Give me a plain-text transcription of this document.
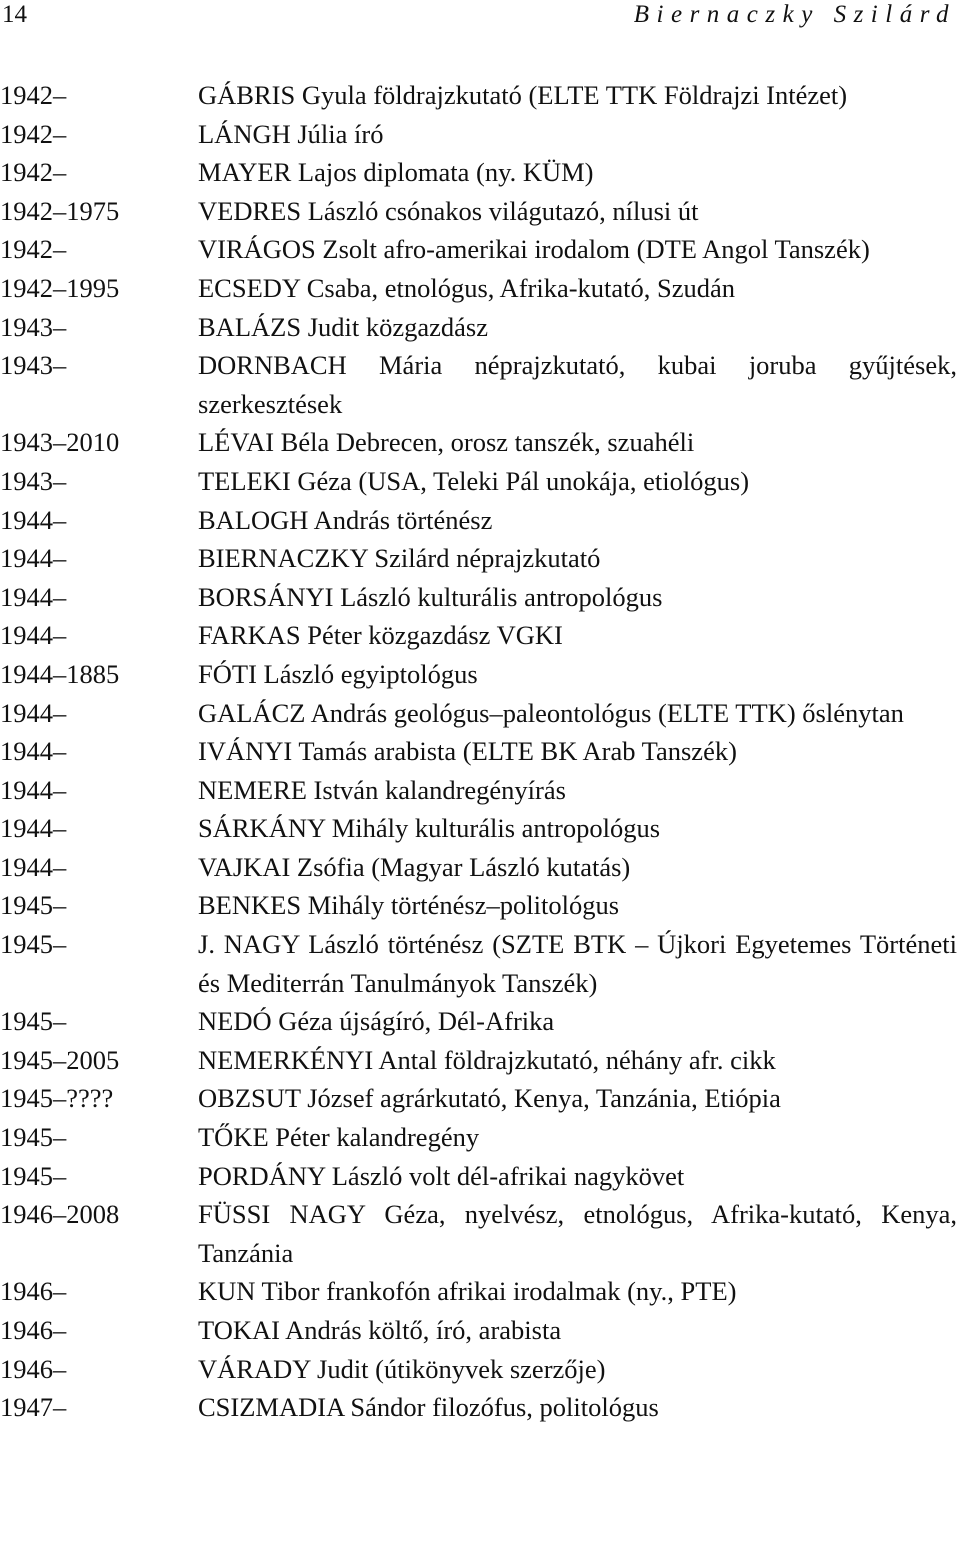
14	Biernaczky Szilárd
1942–	GÁBRIS Gyula földrajzkutató (ELTE TTK Földrajzi Intézet)
1942–	LÁNGH Júlia író
1942–	MAYER Lajos diplomata (ny. KÜM)
1942–1975	VEDRES László csónakos világutazó, nílusi út
1942–	VIRÁGOS Zsolt afro-amerikai irodalom (DTE Angol Tanszék)
1942–1995	ECSEDY Csaba, etnológus, Afrika-kutató, Szudán
1943–	BALÁZS Judit közgazdász
1943–	DORNBACH Mária néprajzkutató, kubai joruba gyűjtések, szerkesztések
1943–2010	LÉVAI Béla Debrecen, orosz tanszék, szuahéli
1943–	TELEKI Géza (USA, Teleki Pál unokája, etiológus)
1944–	BALOGH András történész
1944–	BIERNACZKY Szilárd néprajzkutató
1944–	BORSÁNYI László kulturális antropológus
1944–	FARKAS Péter közgazdász VGKI
1944–1885	FÓTI László egyiptológus
1944–	GALÁCZ András geológus–paleontológus (ELTE TTK) őslénytan
1944–	IVÁNYI Tamás arabista (ELTE BK Arab Tanszék)
1944–	NEMERE István kalandregényírás
1944–	SÁRKÁNY Mihály kulturális antropológus
1944–	VAJKAI Zsófia (Magyar László kutatás)
1945–	BENKES Mihály történész–politológus
1945–	J. NAGY László történész (SZTE BTK – Újkori Egyetemes Történeti és Mediterrán Tanulmányok Tanszék)
1945–	NEDÓ Géza újságíró, Dél-Afrika
1945–2005	NEMERKÉNYI Antal földrajzkutató, néhány afr. cikk
1945–????	OBZSUT József agrárkutató, Kenya, Tanzánia, Etiópia
1945–	TŐKE Péter kalandregény
1945–	PORDÁNY László volt dél-afrikai nagykövet
1946–2008	FÜSSI NAGY Géza, nyelvész, etnológus, Afrika-kutató, Kenya, Tanzánia
1946–	KUN Tibor frankofón afrikai irodalmak (ny., PTE)
1946–	TOKAI András költő, író, arabista
1946–	VÁRADY Judit (útikönyvek szerzője)
1947–	CSIZMADIA Sándor filozófus, politológus
